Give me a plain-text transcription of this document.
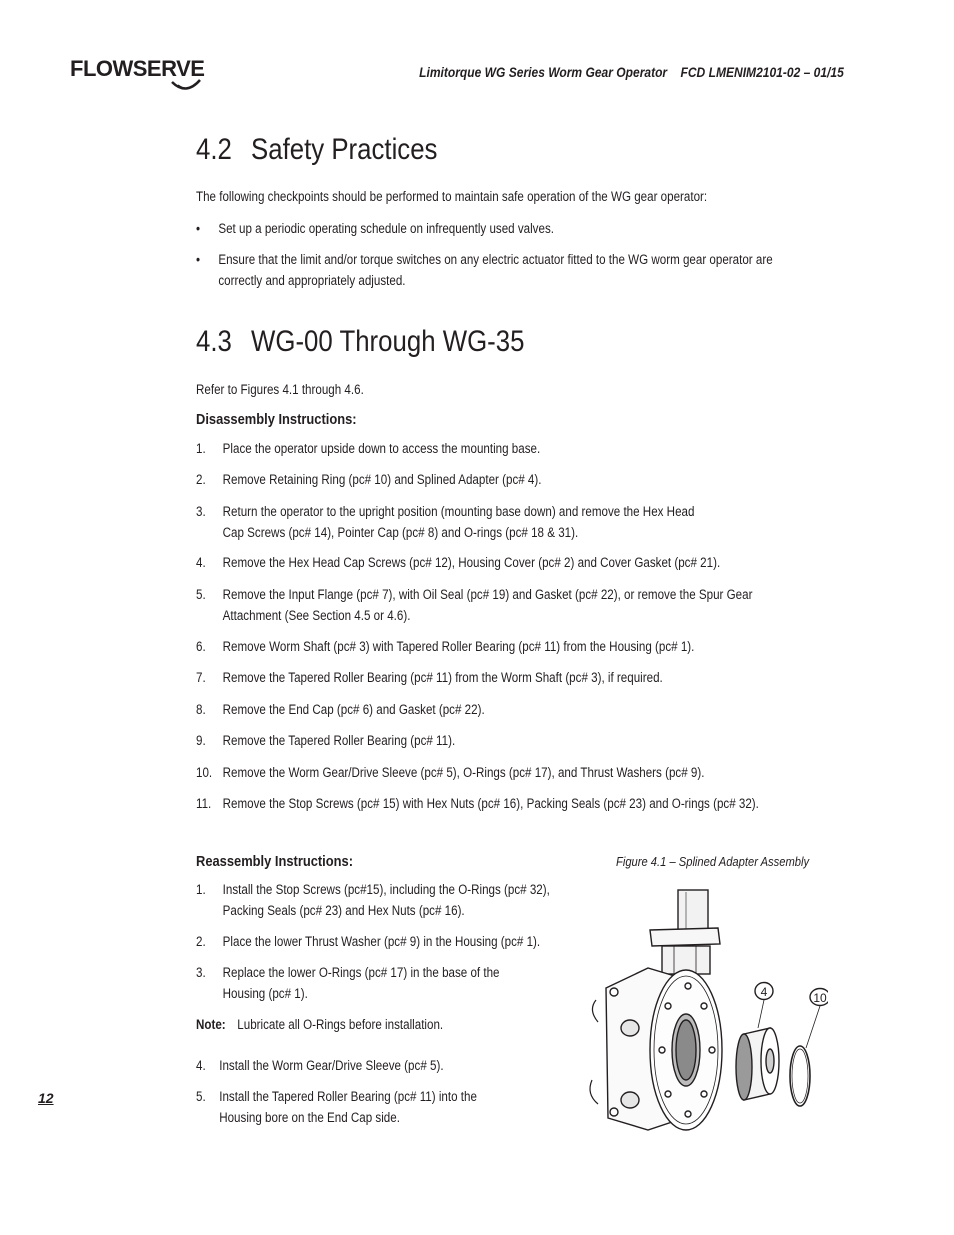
FLOWSERVE	Limitorque WG Series Worm Gear Operator    FCD LMENIM2101-02 – 01/15
4.2 Safety Practices

The following checkpoints should be performed to maintain safe operation of the WG gear operator:

• Set up a periodic operating schedule on infrequently used valves.
• Ensure that the limit and/or torque switches on any electric actuator fitted to the WG worm gear operator are
correctly and appropriately adjusted.
4.3 WG-00 Through WG-35

Refer to Figures 4.1 through 4.6.

Disassembly Instructions:

1. Place the operator upside down to access the mounting base.
2. Remove Retaining Ring (pc# 10) and Splined Adapter (pc# 4).
3. Return the operator to the upright position (mounting base down) and remove the Hex Head
Cap Screws (pc# 14), Pointer Cap (pc# 8) and O-rings (pc# 18 & 31).
4. Remove the Hex Head Cap Screws (pc# 12), Housing Cover (pc# 2) and Cover Gasket (pc# 21).
5. Remove the Input Flange (pc# 7), with Oil Seal (pc# 19) and Gasket (pc# 22), or remove the Spur Gear
Attachment (See Section 4.5 or 4.6).
6. Remove Worm Shaft (pc# 3) with Tapered Roller Bearing (pc# 11) from the Housing (pc# 1).
7. Remove the Tapered Roller Bearing (pc# 11) from the Worm Shaft (pc# 3), if required.
8. Remove the End Cap (pc# 6) and Gasket (pc# 22).
9. Remove the Tapered Roller Bearing (pc# 11).
10. Remove the Worm Gear/Drive Sleeve (pc# 5), O-Rings (pc# 17), and Thrust Washers (pc# 9).
11. Remove the Stop Screws (pc# 15) with Hex Nuts (pc# 16), Packing Seals (pc# 23) and O-rings (pc# 32).

Reassembly Instructions:

1. Install the Stop Screws (pc#15), including the O-Rings (pc# 32),
Packing Seals (pc# 23) and Hex Nuts (pc# 16).
2. Place the lower Thrust Washer (pc# 9) in the Housing (pc# 1).
3. Replace the lower O-Rings (pc# 17) in the base of the
Housing (pc# 1).
Note: Lubricate all O-Rings before installation.
4. Install the Worm Gear/Drive Sleeve (pc# 5).
5. Install the Tapered Roller Bearing (pc# 11) into the
Housing bore on the End Cap side.
Figure 4.1 – Splined Adapter Assembly
4	10
12
